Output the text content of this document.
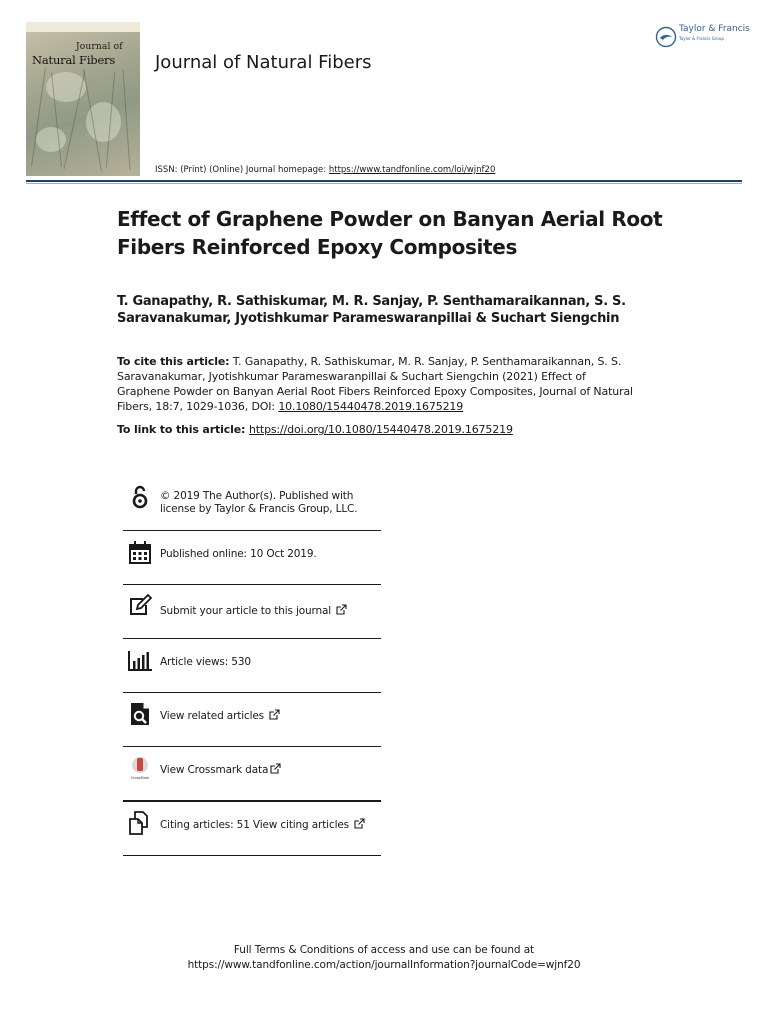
Journal of
Natural Fibers Journal of Natural Fibers
Taylor & Francis
Taylor & Francis Group
ISSN: (Print) (Online) Journal homepage: https://www.tandfonline.com/loi/wjnf20
Effect of Graphene Powder on Banyan Aerial Root Fibers Reinforced Epoxy Composites
T. Ganapathy, R. Sathiskumar, M. R. Sanjay, P. Senthamaraikannan, S. S. Saravanakumar, Jyotishkumar Parameswaranpillai & Suchart Siengchin
To cite this article: T. Ganapathy, R. Sathiskumar, M. R. Sanjay, P. Senthamaraikannan, S. S. Saravanakumar, Jyotishkumar Parameswaranpillai & Suchart Siengchin (2021) Effect of Graphene Powder on Banyan Aerial Root Fibers Reinforced Epoxy Composites, Journal of Natural Fibers, 18:7, 1029-1036, DOI: 10.1080/15440478.2019.1675219
To link to this article: https://doi.org/10.1080/15440478.2019.1675219
© 2019 The Author(s). Published with
license by Taylor & Francis Group, LLC.
Published online: 10 Oct 2019.
Submit your article to this journal
Article views: 530
View related articles
CrossMark
View Crossmark data
Citing articles: 51 View citing articles
Full Terms & Conditions of access and use can be found at
https://www.tandfonline.com/action/journalInformation?journalCode=wjnf20
